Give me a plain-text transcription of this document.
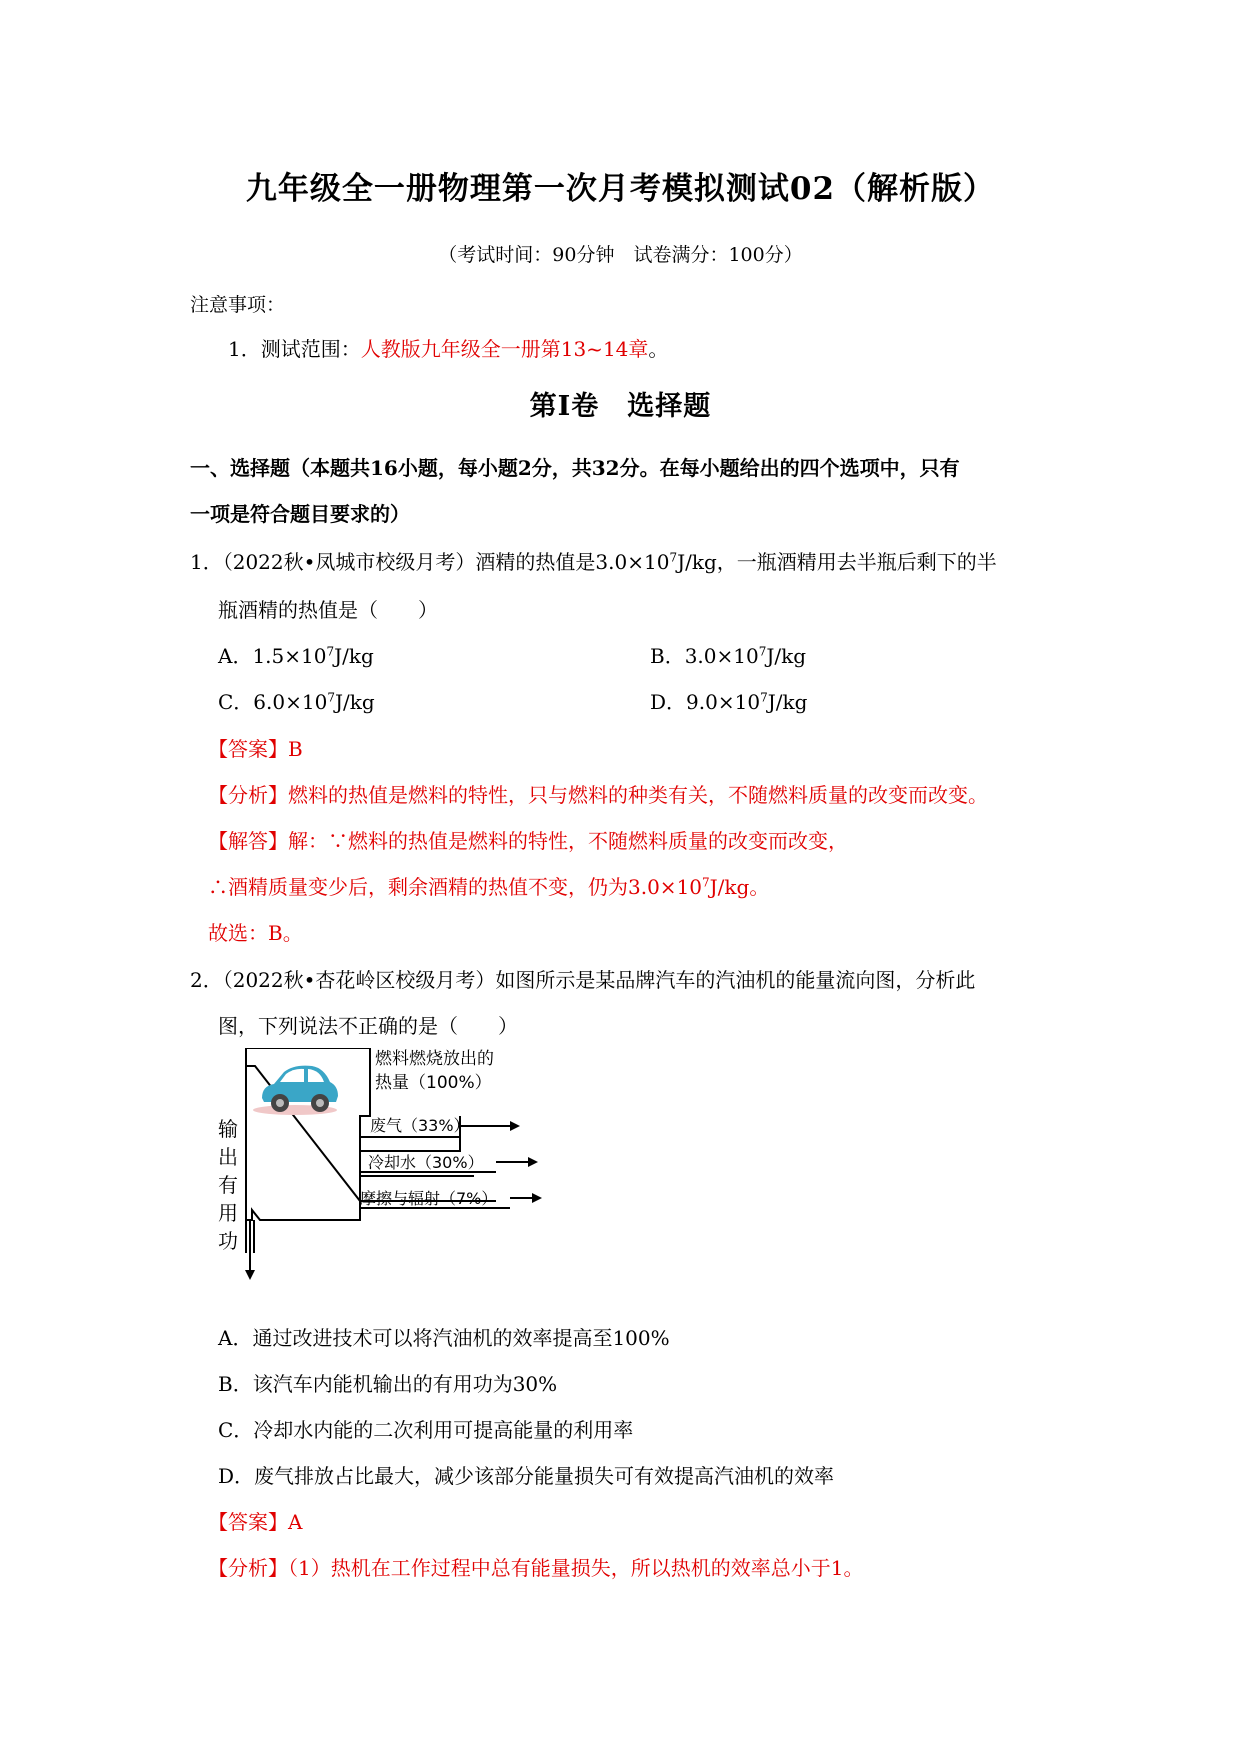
九年级全一册物理第一次月考模拟测试02（解析版）
（考试时间：90分钟　试卷满分：100分）
注意事项：
1．测试范围：人教版九年级全一册第13~14章。
第Ⅰ卷　选择题
一、选择题（本题共16小题，每小题2分，共32分。在每小题给出的四个选项中，只有
一项是符合题目要求的）
1．（2022秋•凤城市校级月考）酒精的热值是$3.0\times 10^7J/kg$，一瓶酒精用去半瓶后剩下的半
瓶酒精的热值是（　　）
A．$1.5\times 10^7J/kg$	B．$3.0\times 10^7J/kg$
C．$6.0\times 10^7J/kg$	D．$9.0\times 10^7J/kg$
【答案】B
【分析】燃料的热值是燃料的特性，只与燃料的种类有关，不随燃料质量的改变而改变。
【解答】解：∵燃料的热值是燃料的特性，不随燃料质量的改变而改变，
∴酒精质量变少后，剩余酒精的热值不变，仍为$3.0\times 10^7J/kg$。
故选：B。
2．（2022秋•杏花岭区校级月考）如图所示是某品牌汽车的汽油机的能量流向图，分析此
图，下列说法不正确的是（　　）
燃料燃烧放出的
热量（100%）
废气（33%）
冷却水（30%）
摩擦与辐射（7%）
输
出
有
用
功
A．通过改进技术可以将汽油机的效率提高至100%
B．该汽车内能机输出的有用功为30%
C．冷却水内能的二次利用可提高能量的利用率
D．废气排放占比最大，减少该部分能量损失可有效提高汽油机的效率
【答案】A
【分析】（1）热机在工作过程中总有能量损失，所以热机的效率总小于1。
